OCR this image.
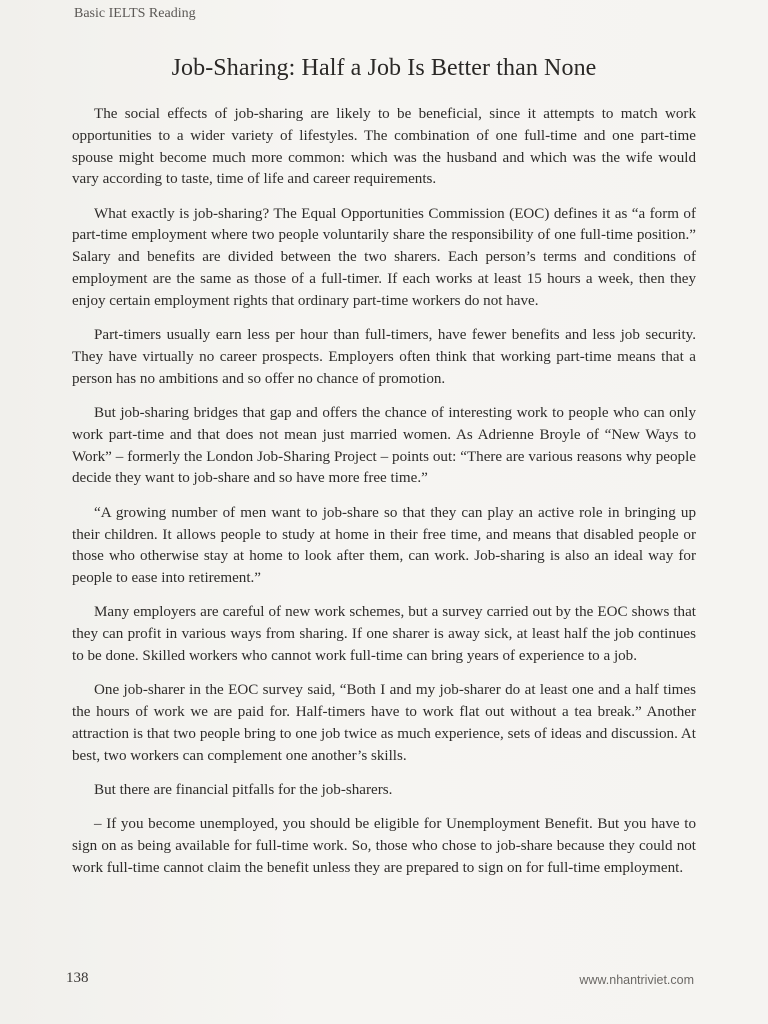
Basic IELTS Reading
Job-Sharing: Half a Job Is Better than None

The social effects of job-sharing are likely to be beneficial, since it attempts to match work opportunities to a wider variety of lifestyles. The combination of one full-time and one part-time spouse might become much more common: which was the husband and which was the wife would vary according to taste, time of life and career requirements.

What exactly is job-sharing? The Equal Opportunities Commission (EOC) defines it as “a form of part-time employment where two people voluntarily share the responsibility of one full-time position.” Salary and benefits are divided between the two sharers. Each person’s terms and conditions of employment are the same as those of a full-timer. If each works at least 15 hours a week, then they enjoy certain employment rights that ordinary part-time workers do not have.

Part-timers usually earn less per hour than full-timers, have fewer benefits and less job security. They have virtually no career prospects. Employers often think that working part-time means that a person has no ambitions and so offer no chance of promotion.

But job-sharing bridges that gap and offers the chance of interesting work to people who can only work part-time and that does not mean just married women. As Adrienne Broyle of “New Ways to Work” – formerly the London Job-Sharing Project – points out: “There are various reasons why people decide they want to job-share and so have more free time.”

“A growing number of men want to job-share so that they can play an active role in bringing up their children. It allows people to study at home in their free time, and means that disabled people or those who otherwise stay at home to look after them, can work. Job-sharing is also an ideal way for people to ease into retirement.”

Many employers are careful of new work schemes, but a survey carried out by the EOC shows that they can profit in various ways from sharing. If one sharer is away sick, at least half the job continues to be done. Skilled workers who cannot work full-time can bring years of experience to a job.

One job-sharer in the EOC survey said, “Both I and my job-sharer do at least one and a half times the hours of work we are paid for. Half-timers have to work flat out without a tea break.” Another attraction is that two people bring to one job twice as much experience, sets of ideas and discussion. At best, two workers can complement one another’s skills.

But there are financial pitfalls for the job-sharers.

– If you become unemployed, you should be eligible for Unemployment Benefit. But you have to sign on as being available for full-time work. So, those who chose to job-share because they could not work full-time cannot claim the benefit unless they are prepared to sign on for full-time employment.

138	www.nhantriviet.com
